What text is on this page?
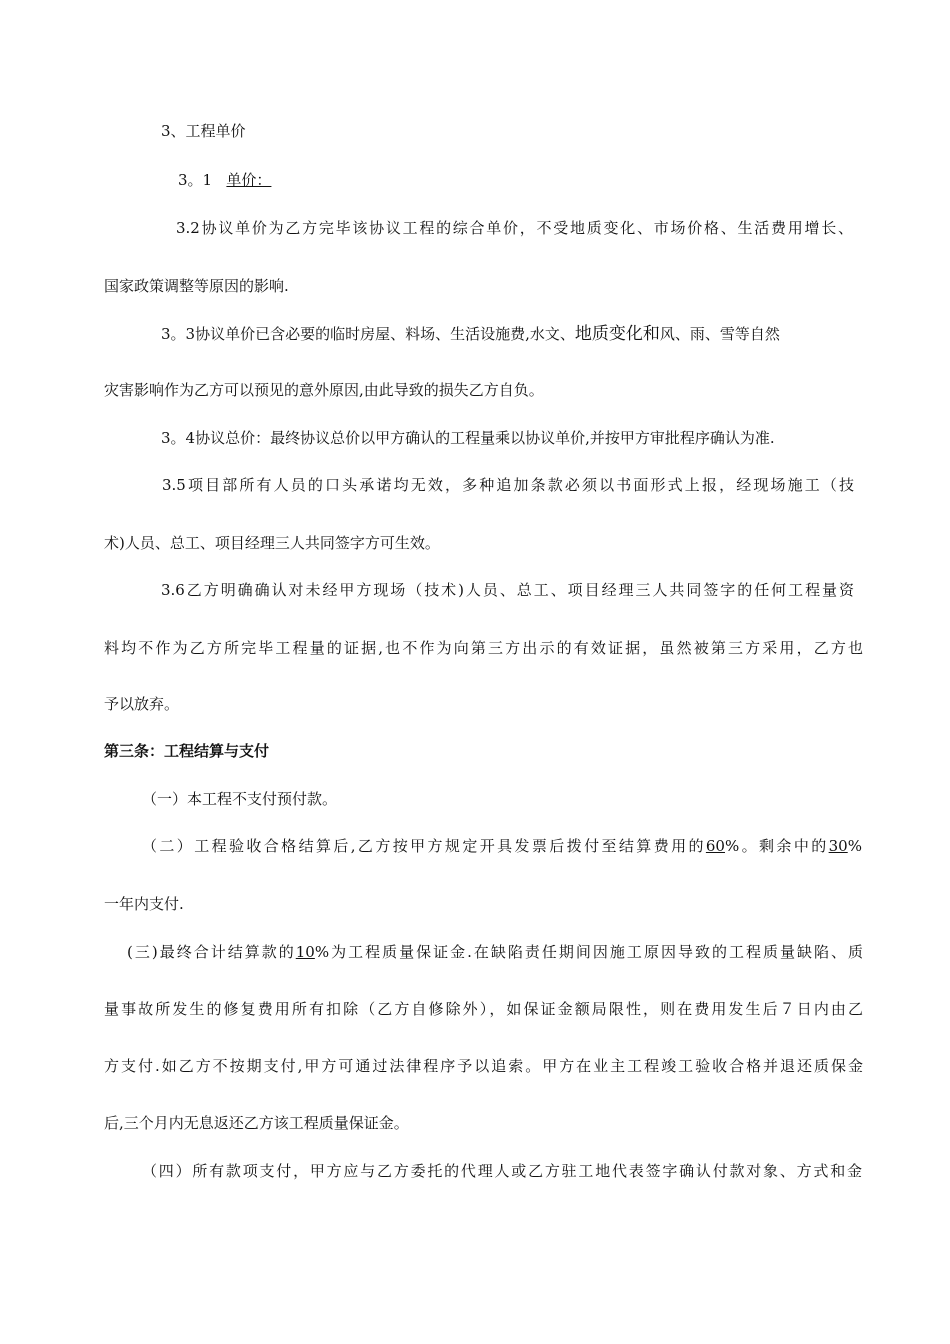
3、工程单价

3。1   单价：

3.2协议单价为乙方完毕该协议工程的综合单价，不受地质变化、市场价格、生活费用增长、

国家政策调整等原因的影响.

3。3协议单价已含必要的临时房屋、料场、生活设施费,水文、地质变化和风、雨、雪等自然

灾害影响作为乙方可以预见的意外原因,由此导致的损失乙方自负。

3。4协议总价：最终协议总价以甲方确认的工程量乘以协议单价,并按甲方审批程序确认为准.

3.5项目部所有人员的口头承诺均无效，多种追加条款必须以书面形式上报，经现场施工（技

术)人员、总工、项目经理三人共同签字方可生效。

3.6乙方明确确认对未经甲方现场（技术)人员、总工、项目经理三人共同签字的任何工程量资

料均不作为乙方所完毕工程量的证据,也不作为向第三方出示的有效证据，虽然被第三方采用，乙方也

予以放弃。

第三条：工程结算与支付

（一）本工程不支付预付款。

（二）工程验收合格结算后,乙方按甲方规定开具发票后拨付至结算费用的60%。剩余中的30%

一年内支付.

(三)最终合计结算款的10%为工程质量保证金.在缺陷责任期间因施工原因导致的工程质量缺陷、质

量事故所发生的修复费用所有扣除（乙方自修除外），如保证金额局限性，则在费用发生后７日内由乙

方支付.如乙方不按期支付,甲方可通过法律程序予以追索。甲方在业主工程竣工验收合格并退还质保金

后,三个月内无息返还乙方该工程质量保证金。

（四）所有款项支付，甲方应与乙方委托的代理人或乙方驻工地代表签字确认付款对象、方式和金
